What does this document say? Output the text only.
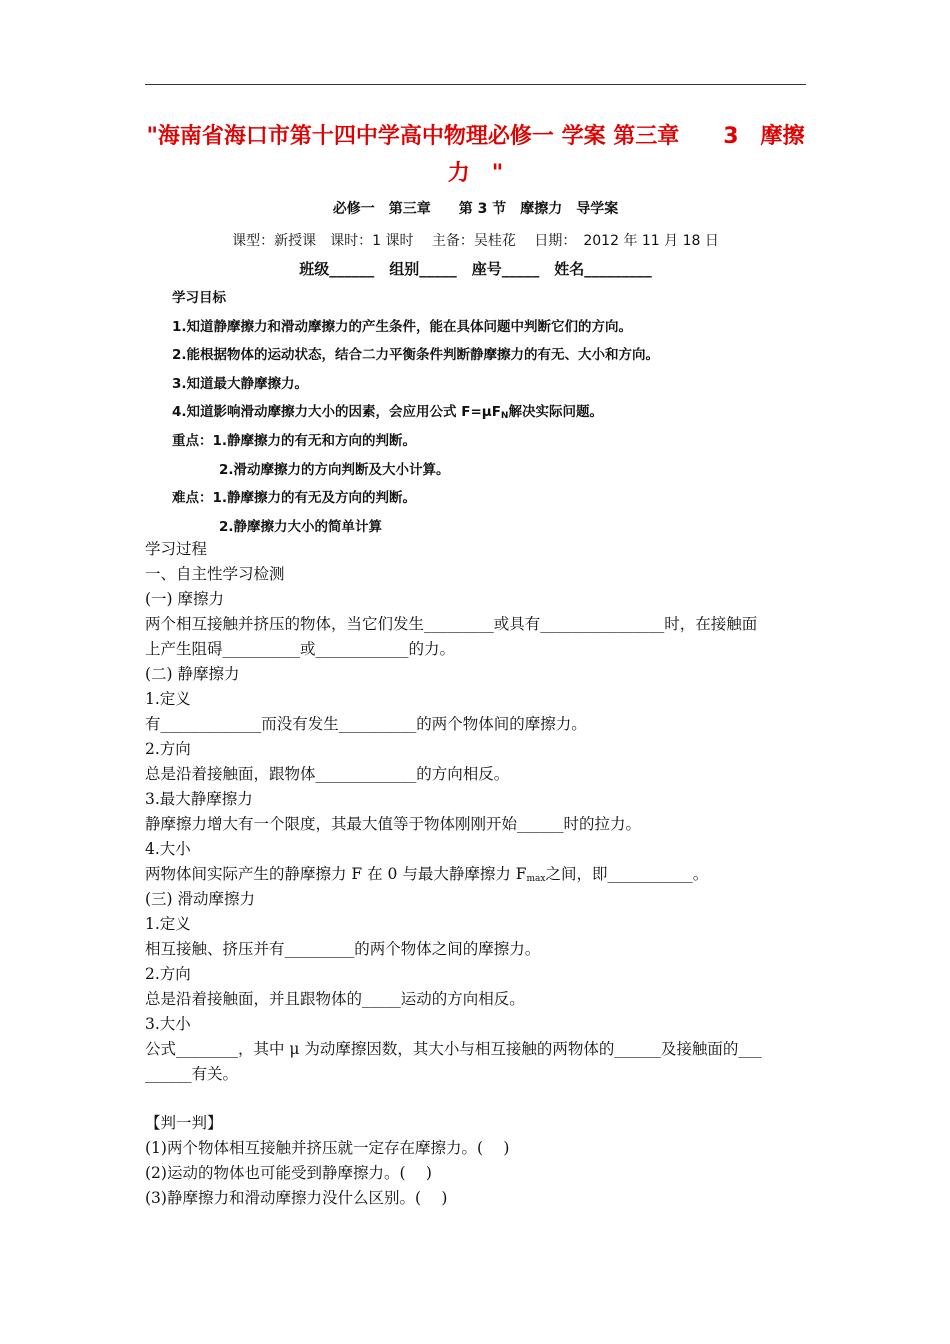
"海南省海口市第十四中学高中物理必修一 学案 第三章　　3　摩擦力　"
必修一　第三章　　第 3 节　摩擦力　导学案
课型：新授课　课时：1 课时　 主备：吴桂花　 日期：　2012 年 11 月 18 日
班级______　组别_____　座号_____　姓名_________
学习目标
1.知道静摩擦力和滑动摩擦力的产生条件，能在具体问题中判断它们的方向。
2.能根据物体的运动状态，结合二力平衡条件判断静摩擦力的有无、大小和方向。
3.知道最大静摩擦力。
4.知道影响滑动摩擦力大小的因素，会应用公式 $F=\mu F_N$解决实际问题。
重点：1.静摩擦力的有无和方向的判断。
2.滑动摩擦力的方向判断及大小计算。
难点：1.静摩擦力的有无及方向的判断。
2.静摩擦力大小的简单计算
学习过程
一、自主性学习检测
(一) 摩擦力
两个相互接触并挤压的物体，当它们发生_________或具有________________时，在接触面
上产生阻碍__________或____________的力。
(二) 静摩擦力
1.定义
有_____________而没有发生__________的两个物体间的摩擦力。
2.方向
总是沿着接触面，跟物体_____________的方向相反。
3.最大静摩擦力
静摩擦力增大有一个限度，其最大值等于物体刚刚开始______时的拉力。
4.大小
两物体间实际产生的静摩擦力 F 在 0 与最大静摩擦力 $F_{max}$之间，即___________。
(三) 滑动摩擦力
1.定义
相互接触、挤压并有_________的两个物体之间的摩擦力。
2.方向
总是沿着接触面，并且跟物体的_____运动的方向相反。
3.大小
公式________，其中 μ 为动摩擦因数，其大小与相互接触的两物体的______及接触面的___
______有关。
【判一判】
(1)两个物体相互接触并挤压就一定存在摩擦力。(　 )
(2)运动的物体也可能受到静摩擦力。(　 )
(3)静摩擦力和滑动摩擦力没什么区别。(　 )
